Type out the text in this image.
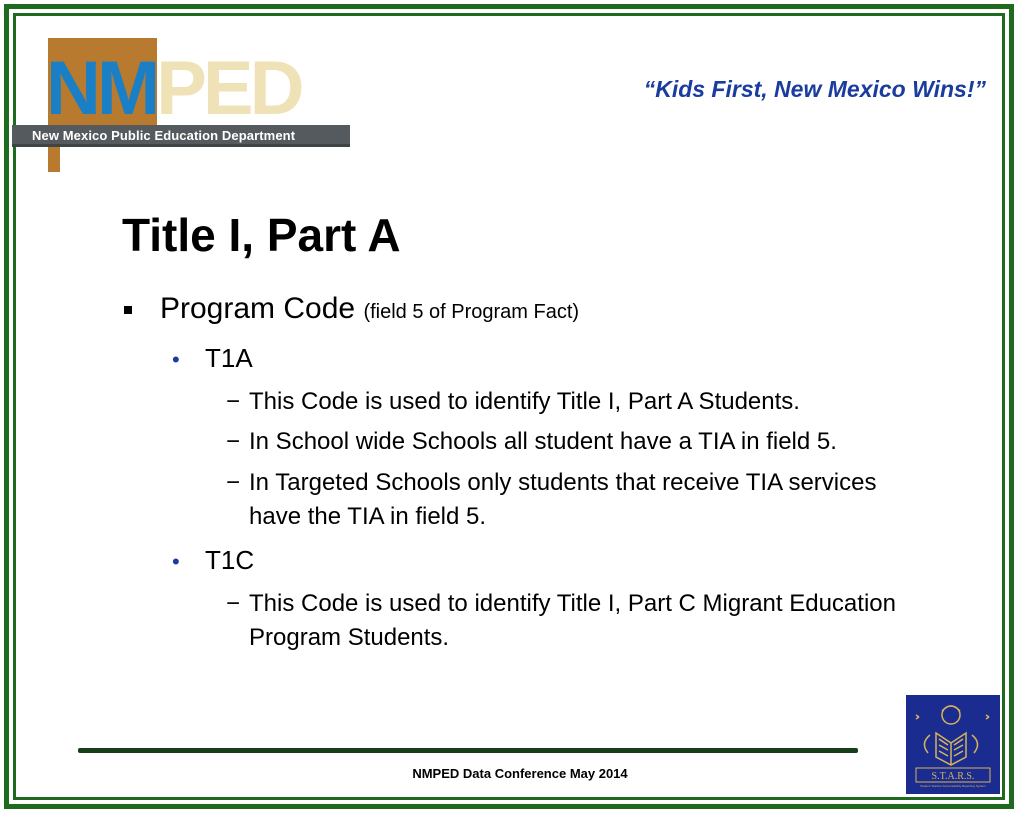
NMPED
New Mexico Public Education Department
“Kids First, New Mexico Wins!”
Title I, Part A
Program Code (field 5 of Program Fact)
• T1A
− This Code is used to identify Title I, Part A Students.
− In School wide Schools all student have a TIA in field 5.
− In Targeted Schools only students that receive TIA services have the TIA in field 5.
• T1C
− This Code is used to identify Title I, Part C Migrant Education Program Students.
NMPED Data Conference May 2014	S.T.A.R.S.
Student Teacher Accountability Reporting System
